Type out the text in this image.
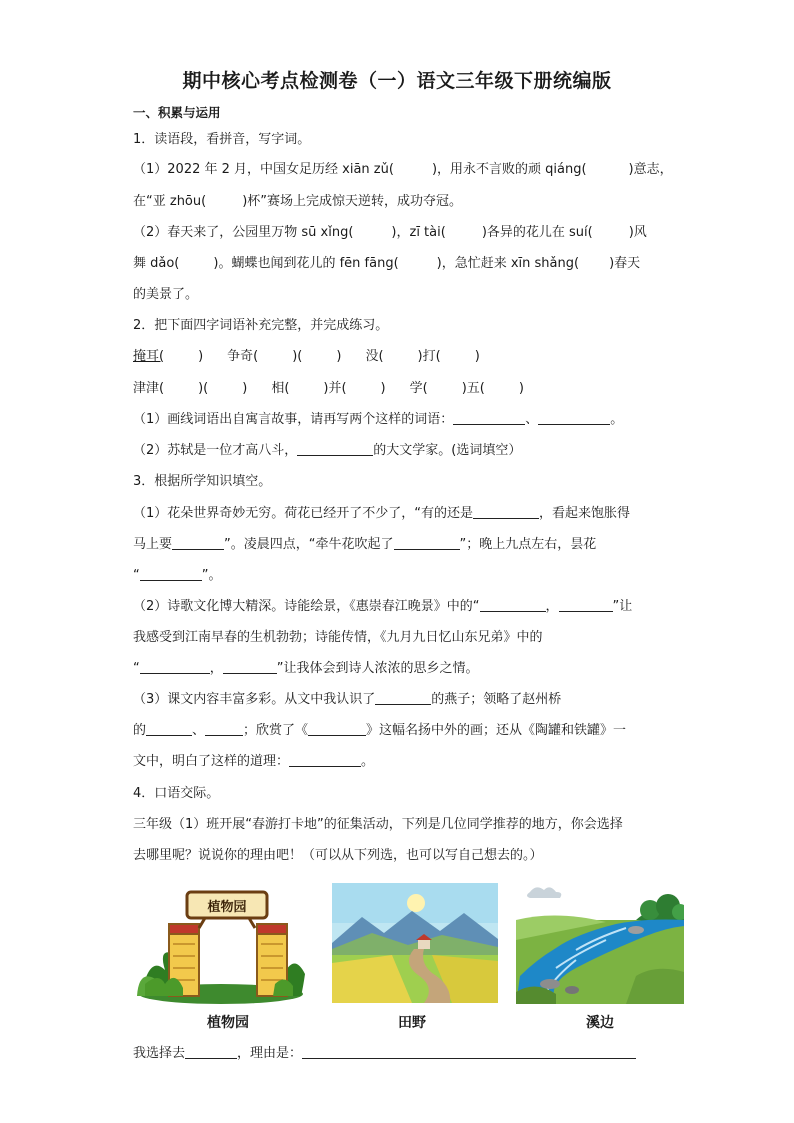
期中核心考点检测卷（一）语文三年级下册统编版
一、积累与运用
1．读语段，看拼音，写字词。
（1）2022 年 2 月，中国女足历经 xiān zǔ(	)，用永不言败的顽 qiáng(	)意志，
在“亚 zhōu(	)杯”赛场上完成惊天逆转，成功夺冠。
（2）春天来了，公园里万物 sū xǐng(	)，zī tài(	)各异的花儿在 suí(	)风
舞 dǎo(	)。蝴蝶也闻到花儿的 fēn fāng(	)，急忙赶来 xīn shǎng( )春天
的美景了。
2．把下面四字词语补充完整，并完成练习。
掩耳(	) 争奇(	)(	) 没(	)打(	)
津津(	)(	) 相(	)并(	) 学(	)五(	)
（1）画线词语出自寓言故事，请再写两个这样的词语：	、	。
（2）苏轼是一位才高八斗，	的大文学家。(选词填空）
3．根据所学知识填空。
（1）花朵世界奇妙无穷。荷花已经开了不少了，“有的还是	，看起来饱胀得
马上要	”。凌晨四点，“牵牛花吹起了	”；晚上九点左右，昙花
“	”。
（2）诗歌文化博大精深。诗能绘景，《惠崇春江晚景》中的“	，	”让
我感受到江南早春的生机勃勃；诗能传情，《九月九日忆山东兄弟》中的
“	，	”让我体会到诗人浓浓的思乡之情。
（3）课文内容丰富多彩。从文中我认识了	的燕子；领略了赵州桥
的	、	；欣赏了《	》这幅名扬中外的画；还从《陶罐和铁罐》一
文中，明白了这样的道理：	。
4．口语交际。
三年级（1）班开展“春游打卡地”的征集活动，下列是几位同学推荐的地方，你会选择
去哪里呢？说说你的理由吧！（可以从下列选，也可以写自己想去的。）
植物园
植物园	田野	溪边
我选择去	，理由是：
